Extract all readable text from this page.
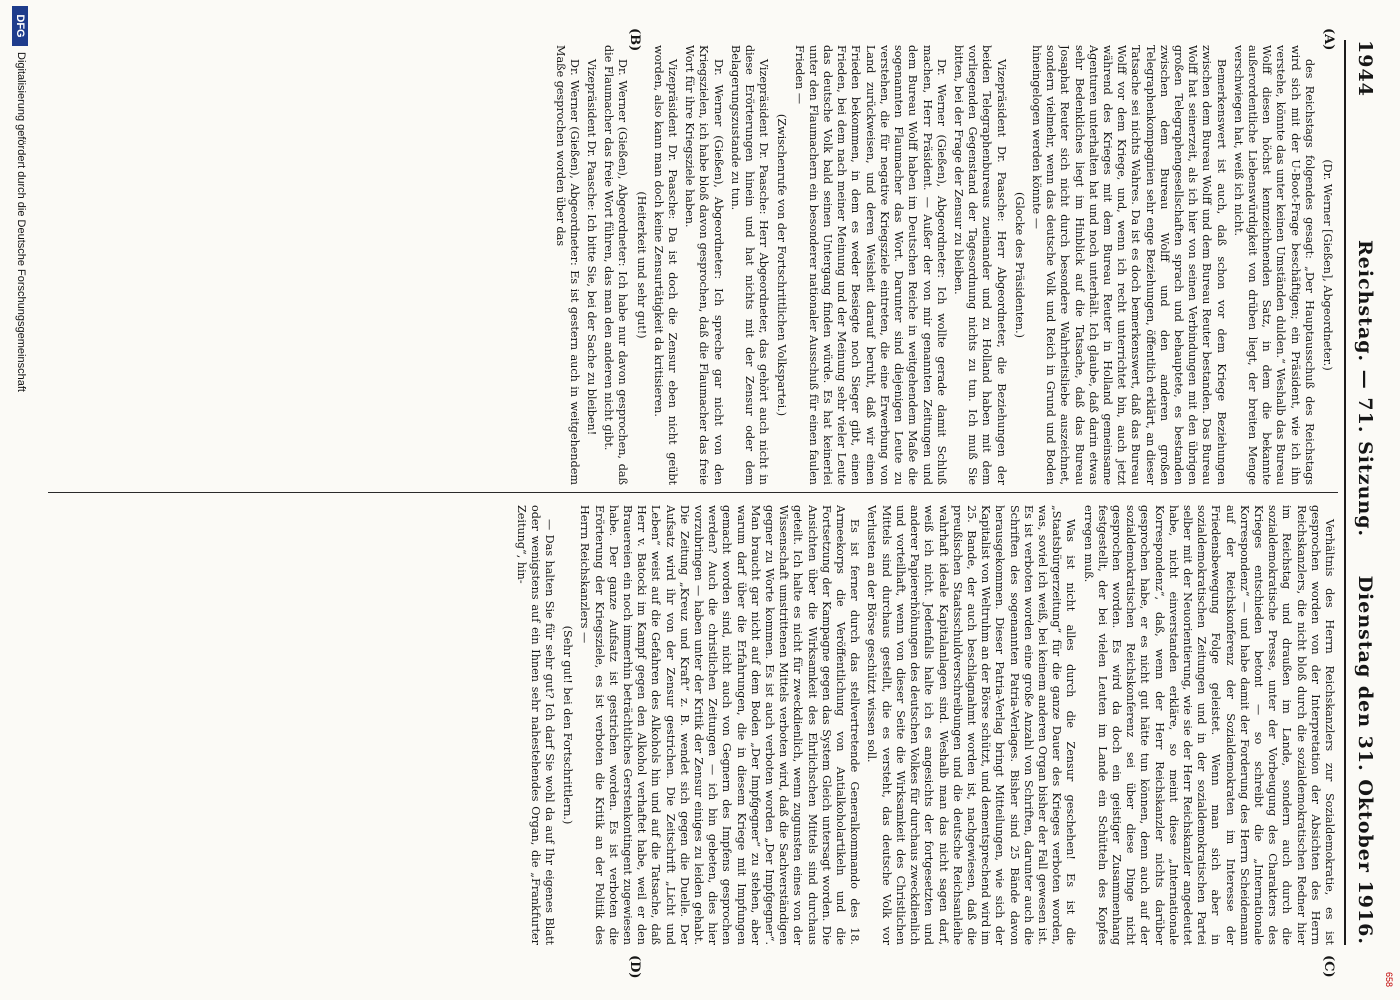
1944
Reichstag. — 71. Sitzung.
Dienstag den 31. Oktober 1916.
(A)
(B)
(C)
(D)

(Dr. Werner [Gießen], Abgeordneter.)

des Reichstags folgendes gesagt: „Der Hauptausschuß des Reichstags wird sich mit der U-Boot-Frage beschäftigen; ein Präsident, wie ich ihn verstehe, könnte das unter keinen Umständen dulden.“ Weshalb das Bureau Wolff diesen höchst kennzeichnenden Satz, in dem die bekannte außerordentliche Liebenswürdigkeit von drüben liegt, der breiten Menge verschwiegen hat, weiß ich nicht.

Bemerkenswert ist auch, daß schon vor dem Kriege Beziehungen zwischen dem Bureau Wolff und dem Bureau Reuter bestanden. Das Bureau Wolff hat seinerzeit, als ich hier von seinen Verbindungen mit den übrigen großen Telegraphengesellschaften sprach und behauptete, es bestanden zwischen dem Bureau Wolff und den anderen großen Telegraphenkompagnien sehr enge Beziehungen, öffentlich erklärt, an dieser Tatsache sei nichts Wahres. Da ist es doch bemerkenswert, daß das Bureau Wolff vor dem Kriege, und, wenn ich recht unterrichtet bin, auch jetzt während des Krieges mit dem Bureau Reuter in Holland gemeinsame Agenturen unterhalten hat und noch unterhält. Ich glaube, daß darin etwas sehr Bedenkliches liegt im Hinblick auf die Tatsache, daß das Bureau Josaphat Reuter sich nicht durch besondere Wahrheitsliebe auszeichnet, sondern vielmehr, wenn das deutsche Volk und Reich in Grund und Boden hineingelogen werden könnte —

(Glocke des Präsidenten.)

Vizepräsident Dr. Paasche: Herr Abgeordneter, die Beziehungen der beiden Telegraphenbureaus zueinander und zu Holland haben mit dem vorliegenden Gegenstand der Tagesordnung nichts zu tun. Ich muß Sie bitten, bei der Frage der Zensur zu bleiben.

Dr. Werner (Gießen), Abgeordneter: Ich wollte gerade damit Schluß machen, Herr Präsident. — Außer der von mir genannten Zeitungen und dem Bureau Wolff haben im Deutschen Reiche in weitgehendem Maße die sogenannten Flaumacher das Wort. Darunter sind diejenigen Leute zu verstehen, die für negative Kriegsziele eintreten, die eine Erwerbung von Land zurückweisen, und deren Weisheit darauf beruht, daß wir einen Frieden bekommen, in dem es weder Besiegte noch Sieger gibt, einen Frieden, bei dem nach meiner Meinung und der Meinung sehr vieler Leute das deutsche Volk bald seinen Untergang finden würde. Es hat keinerlei unter den Flaumachern ein besonderer nationaler Ausschuß für einen faulen Frieden —

(Zwischenrufe von der Fortschrittlichen Volkspartei.)

Vizepräsident Dr. Paasche: Herr Abgeordneter, das gehört auch nicht in diese Erörterungen hinein und hat nichts mit der Zensur oder dem Belagerungszustande zu tun.

Dr. Werner (Gießen), Abgeordneter: Ich spreche gar nicht von den Kriegszielen, ich habe bloß davon gesprochen, daß die Flaumacher das freie Wort für ihre Kriegsziele haben.

Vizepräsident Dr. Paasche: Da ist doch die Zensur eben nicht geübt worden, also kann man doch keine Zensurtätigkeit da kritisieren.

(Heiterkeit und sehr gut!)

Dr. Werner (Gießen), Abgeordneter: Ich habe nur davon gesprochen, daß die Flaumacher das freie Wort führen, das man den anderen nicht gibt.

Vizepräsident Dr. Paasche: Ich bitte Sie, bei der Sache zu bleiben!

Dr. Werner (Gießen), Abgeordneter: Es ist gestern auch in weitgehendem Maße gesprochen worden über das

Verhältnis des Herrn Reichskanzlers zur Sozialdemokratie, es ist gesprochen worden von der Interpretation der Absichten des Herrn Reichskanzlers, die nicht bloß durch die sozialdemokratischen Redner hier im Reichstag und draußen im Lande, sondern auch durch die sozialdemokratische Presse, unter der Vorbeugung des Charakters des Krieges entschieden betont — so schreibt die „Internationale Korrespondenz“ — und habe damit der Forderung des Herrn Scheidemann auf der Reichskonferenz der Sozialdemokraten im Interesse der Friedensbewegung Folge geleistet. Wenn man sich aber in sozialdemokratischen Zeitungen und in der sozialdemokratischen Partei selber mit der Neuorientierung, wie sie der Herr Reichskanzler angedeutet habe, nicht einverstanden erkläre, so meint diese „Internationale Korrespondenz“, daß, wenn der Herr Reichskanzler nichts darüber gesprochen habe, er es nicht gut hätte tun können, denn auch auf der sozialdemokratischen Reichskonferenz sei über diese Dinge nicht gesprochen worden. Es wird da doch ein geistiger Zusammenhang festgestellt, der bei vielen Leuten im Lande ein Schütteln des Kopfes erregen muß.

Was ist nicht alles durch die Zensur geschehen! Es ist die „Staatsbürgerzeitung“ für die ganze Dauer des Krieges verboten worden, was, soviel ich weiß, bei keinem anderen Organ bisher der Fall gewesen ist. Es ist verboten worden eine große Anzahl von Schriften, darunter auch die Schriften des sogenannten Patria-Verlages. Bisher sind 25 Bände davon herausgekommen. Dieser Patria-Verlag bringt Mitteilungen, wie sich der Kapitalist von Weltruhm an der Börse schützt, und dementsprechend wird im 25. Bande, der auch beschlagnahmt worden ist, nachgewiesen, daß die preußischen Staatsschuldverschreibungen und die deutsche Reichsanleihe wahrhaft ideale Kapitalanlagen sind. Weshalb man das nicht sagen darf, weiß ich nicht. Jedenfalls halte ich es angesichts der fortgesetzten und anderer Papiererhöhungen des deutschen Volkes für durchaus zweckdienlich und vorteilhaft, wenn von dieser Seite die Wirksamkeit des Christlichen Mittels sind durchaus gestellt, die es versteht, das deutsche Volk vor Verlusten an der Börse geschützt wissen soll.

Es ist ferner durch das stellvertretende Generalkommando des 18. Armeekorps die Veröffentlichung von Antialkoholartikeln und die Fortsetzung der Kampagne gegen das System Gleich untersagt worden. Die Ansichten über die Wirksamkeit des Ehrlichschen Mittels sind durchaus geteilt. Ich halte es nicht für zweckdienlich, wenn zugunsten eines von der Wissenschaft umstrittenen Mittels verboten wird, daß die Sachverständigen gegner zu Worte kommen. Es ist auch verboten worden „Der Impfgegner“. Man braucht gar nicht auf dem Boden „Der Impfgegner“ zu stehen, aber warum darf über die Erfahrungen, die in diesem Kriege mit Impfungen gemacht worden sind, nicht auch von Gegnern des Impfens gesprochen werden? Auch die christlichen Zeitungen — ich bin gebeten, dies hier vorzubringen — haben unter der Kritik der Zensur einiges zu leiden gehabt. Die Zeitung „Kreuz und Kraft“ z. B. wendet sich gegen die Duelle. Der Aufsatz wird ihr von der Zensur gestrichen. Die Zeitschrift „Licht und Leben“ weist auf die Gefahren des Alkohols hin und auf die Tatsache, daß Herr v. Batocki im Kampf gegen den Alkohol verhaftet habe, weil er den Brauereien ein noch immerhin beträchtliches Gerstenkontingent zugewiesen habe. Der ganze Aufsatz ist gestrichen worden. Es ist verboten die Erörterung der Kriegsziele, es ist verboten die Kritik an der Politik des Herrn Reichskanzlers —

(Sehr gut! bei den Fortschrittlern.)

— Das halten Sie für sehr gut? Ich darf Sie wohl da auf Ihr eigenes Blatt oder wenigstens auf ein Ihnen sehr nahestehendes Organ, die „Frankfurter Zeitung“, hin-

DFG
Digitalisierung gefördert durch die Deutsche Forschungsgemeinschaft
658
